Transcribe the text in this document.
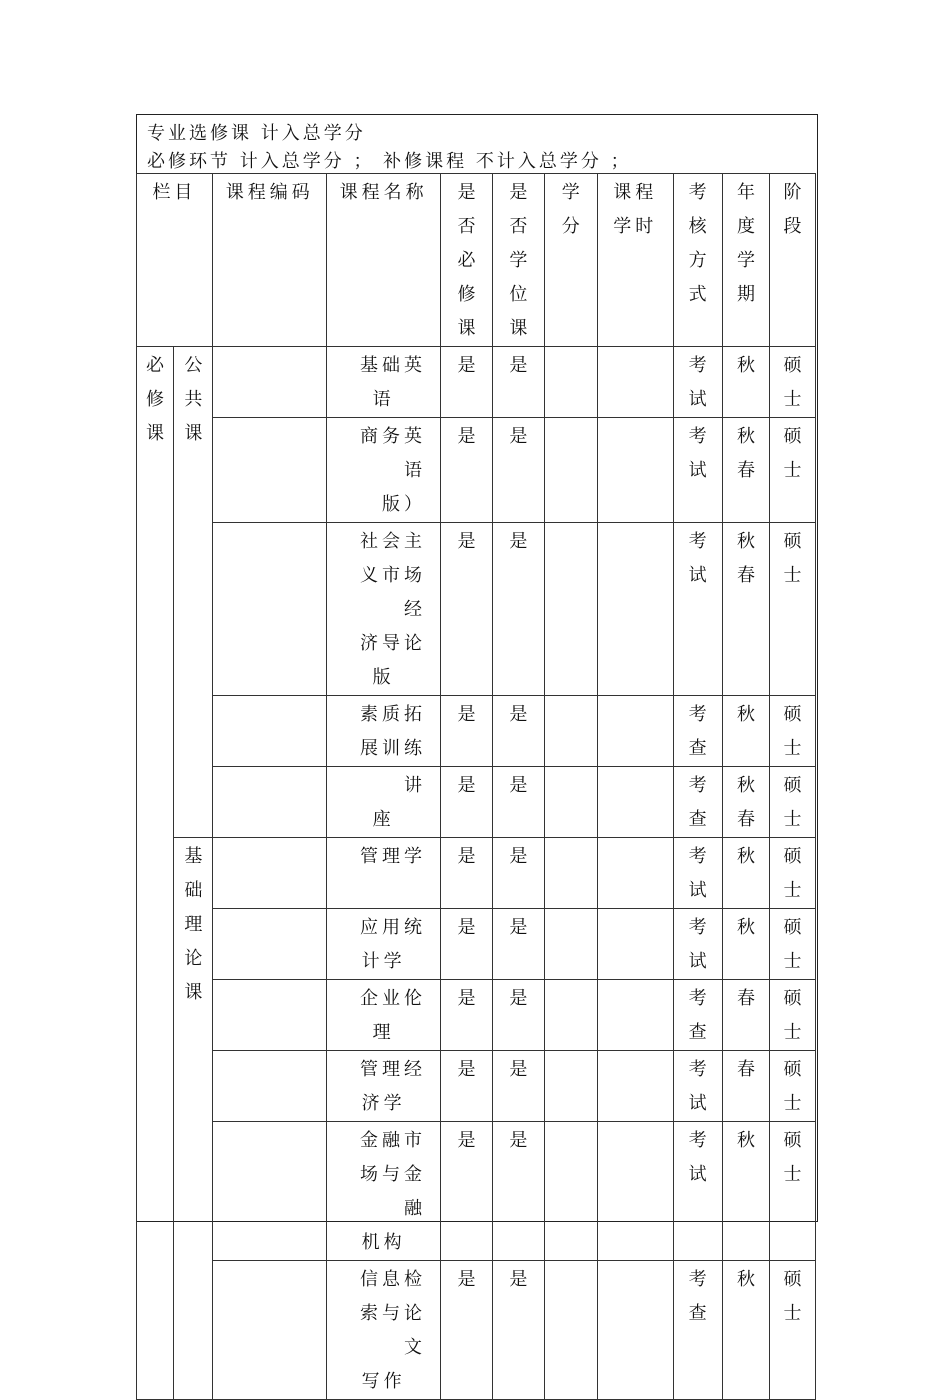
专业选修课 计入总学分
必修环节 计入总学分 ； 补修课程 不计入总学分 ；
栏目		课程编码	课程名称	是否必修课	是否学位课	学分	课程学时	考核方式	年度学期	阶段

必修课	公共课		基础英
语	是	是			考试	秋	硕士

			商务英
语　　版）	是	是			考试	秋春	硕士

			社会主
义市场经
济导论
版	是	是			考试	秋春	硕士

			素质拓
展训练	是	是			考查	秋	硕士

			讲
座	是	是			考查	秋春	硕士

	基础理论课		管理学	是	是			考试	秋	硕士

			应用统
计学	是	是			考试	秋	硕士

			企业伦
理	是	是			考查	春	硕士

			管理经
济学	是	是			考试	春	硕士

			金融市
场与金融
机构	是	是			考试	秋	硕士

			信息检
索与论文
写作	是	是			考查	秋	硕士
